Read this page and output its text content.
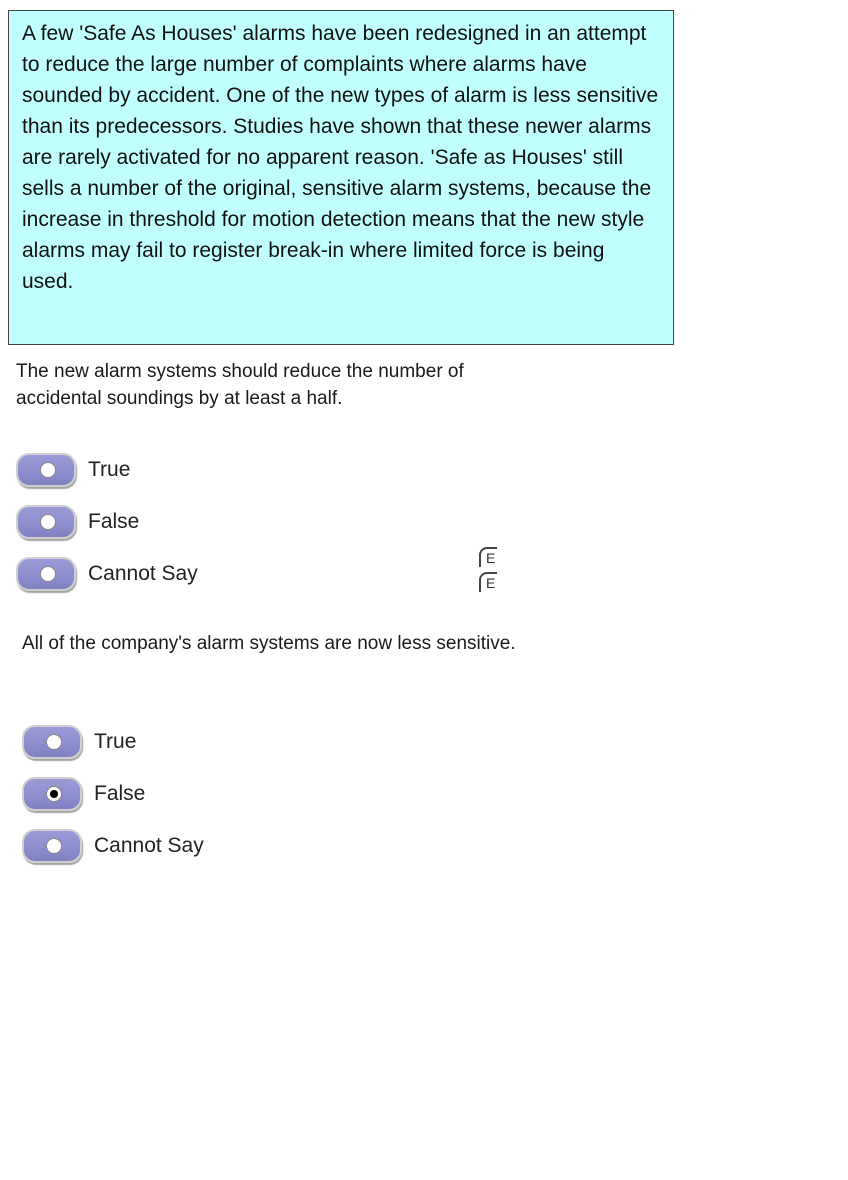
A few 'Safe As Houses' alarms have been redesigned in an attempt to reduce the large number of complaints where alarms have sounded by accident. One of the new types of alarm is less sensitive than its predecessors. Studies have shown that these newer alarms are rarely activated for no apparent reason. 'Safe as Houses' still sells a number of the original, sensitive alarm systems, because the increase in threshold for motion detection means that the new style alarms may fail to register break-in where limited force is being used.
The new alarm systems should reduce the number of accidental soundings by at least a half.
True
False
Cannot Say
E
E
All of the company's alarm systems are now less sensitive.
True
False
Cannot Say
